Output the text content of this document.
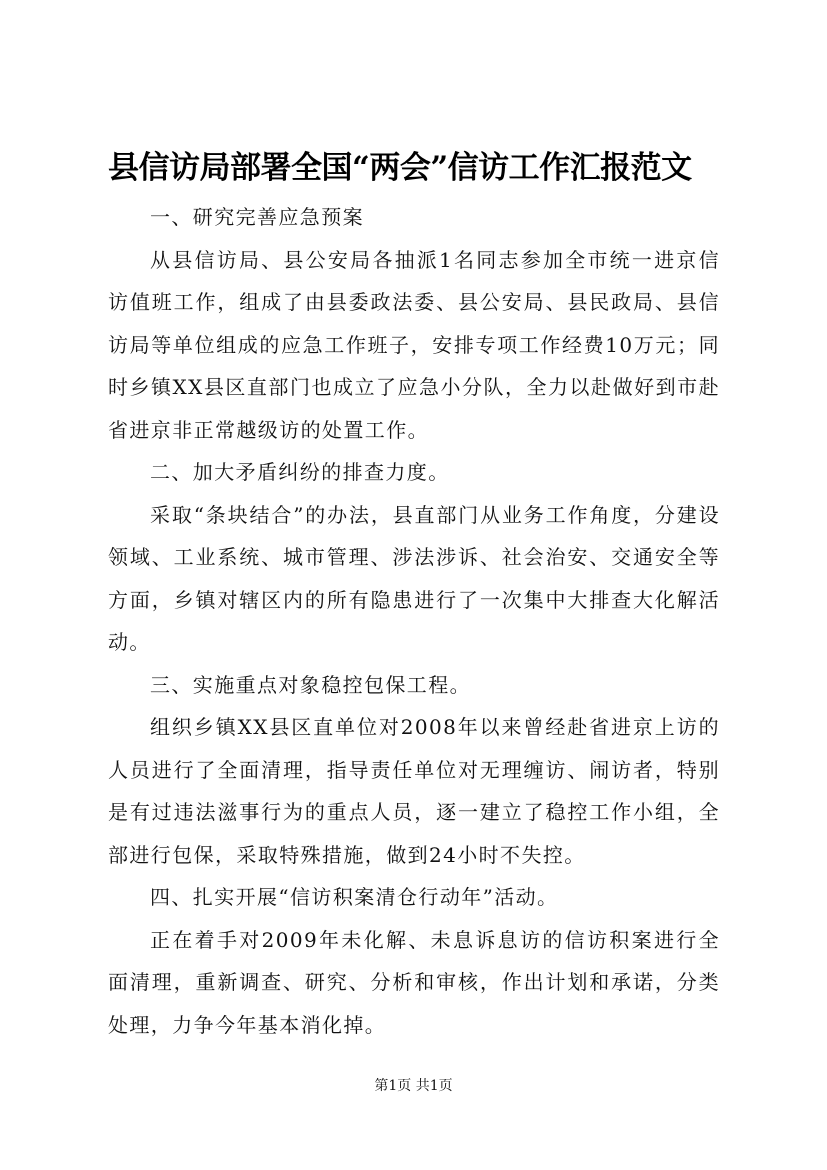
县信访局部署全国“两会”信访工作汇报范文

一、研究完善应急预案

从县信访局、县公安局各抽派1名同志参加全市统一进京信访值班工作，组成了由县委政法委、县公安局、县民政局、县信访局等单位组成的应急工作班子，安排专项工作经费10万元；同时乡镇XX县区直部门也成立了应急小分队，全力以赴做好到市赴省进京非正常越级访的处置工作。

二、加大矛盾纠纷的排查力度。

采取“条块结合”的办法，县直部门从业务工作角度，分建设领域、工业系统、城市管理、涉法涉诉、社会治安、交通安全等方面，乡镇对辖区内的所有隐患进行了一次集中大排查大化解活动。

三、实施重点对象稳控包保工程。

组织乡镇XX县区直单位对2008年以来曾经赴省进京上访的人员进行了全面清理，指导责任单位对无理缠访、闹访者，特别是有过违法滋事行为的重点人员，逐一建立了稳控工作小组，全部进行包保，采取特殊措施，做到24小时不失控。

四、扎实开展“信访积案清仓行动年”活动。

正在着手对2009年未化解、未息诉息访的信访积案进行全面清理，重新调查、研究、分析和审核，作出计划和承诺，分类处理，力争今年基本消化掉。

第1页 共1页
